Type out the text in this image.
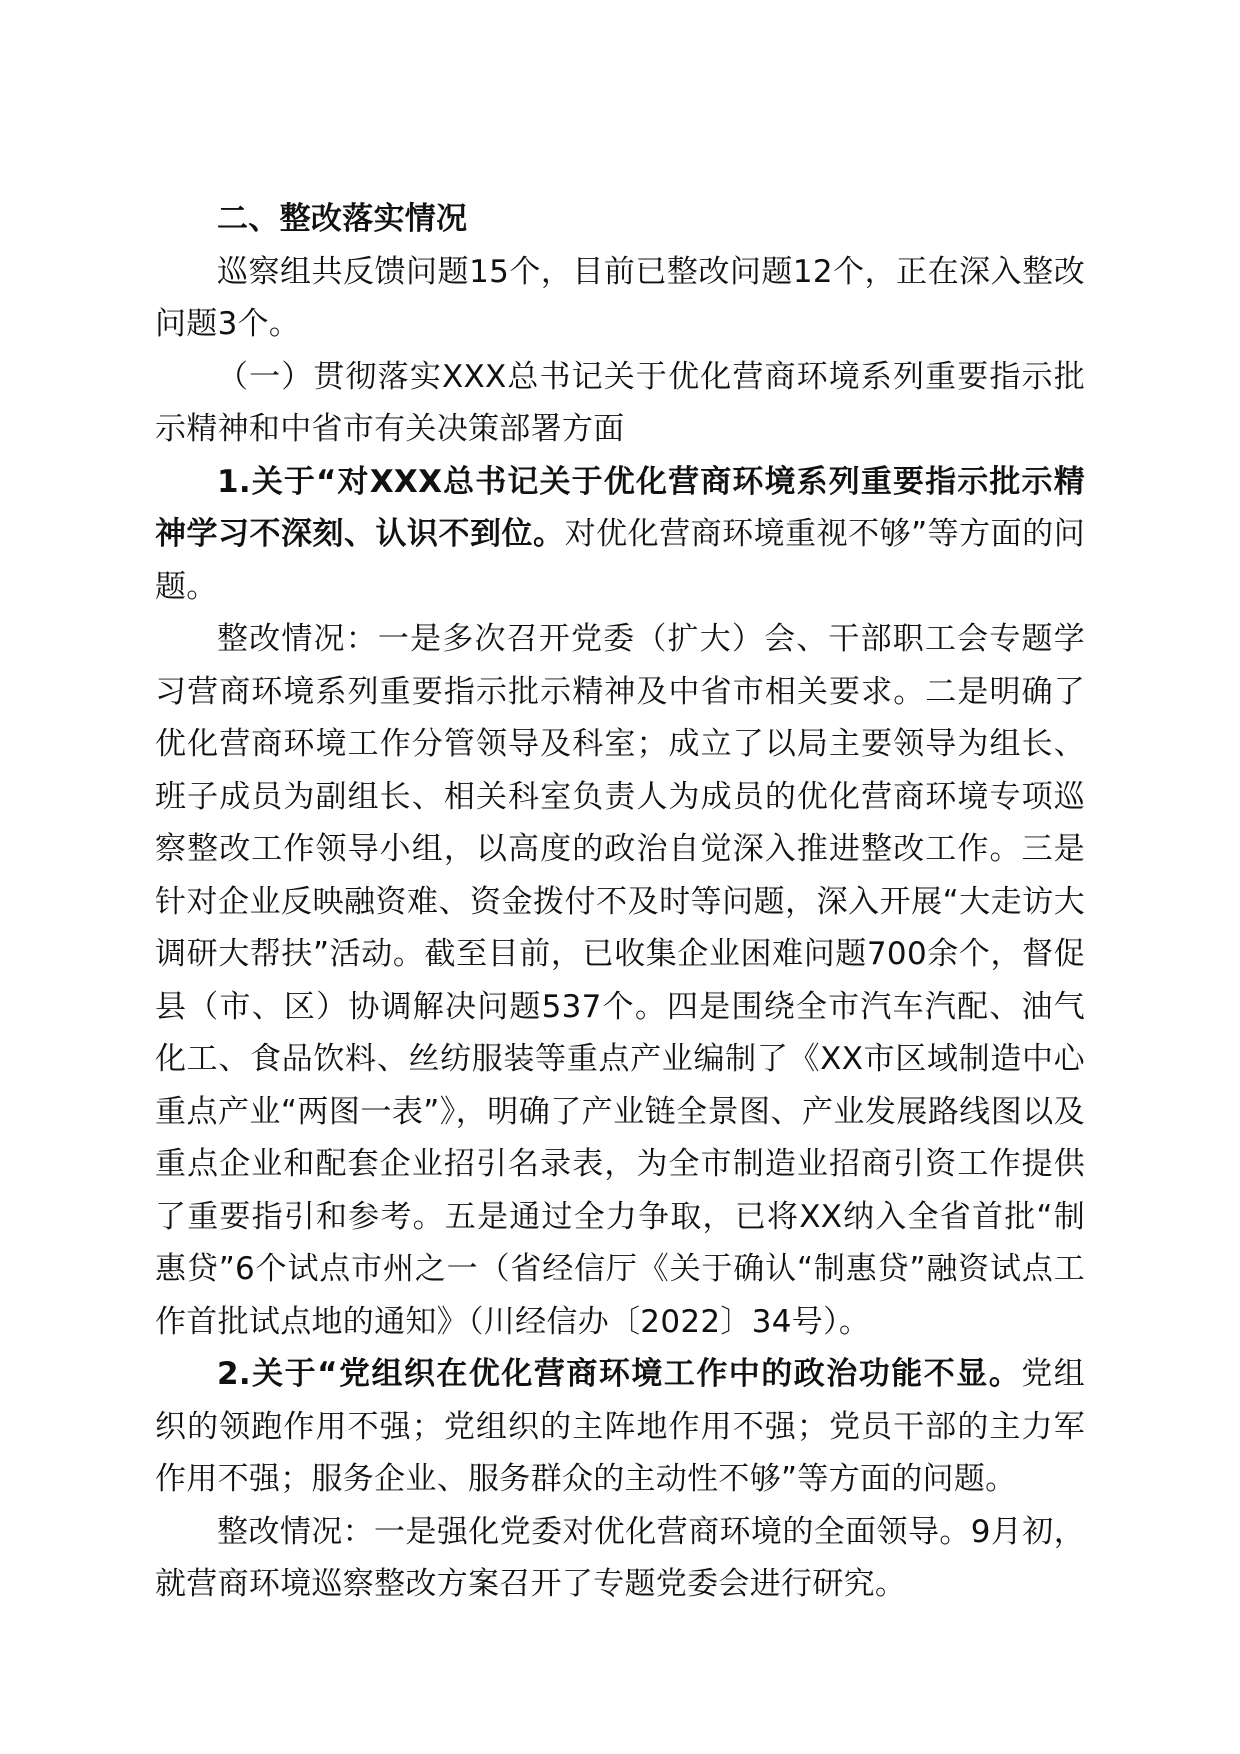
二、整改落实情况

巡察组共反馈问题15个，目前已整改问题12个，正在深入整改问题3个。

（一）贯彻落实XXX总书记关于优化营商环境系列重要指示批示精神和中省市有关决策部署方面

1.关于“对XXX总书记关于优化营商环境系列重要指示批示精神学习不深刻、认识不到位。对优化营商环境重视不够”等方面的问题。

整改情况：一是多次召开党委（扩大）会、干部职工会专题学习营商环境系列重要指示批示精神及中省市相关要求。二是明确了优化营商环境工作分管领导及科室；成立了以局主要领导为组长、班子成员为副组长、相关科室负责人为成员的优化营商环境专项巡察整改工作领导小组，以高度的政治自觉深入推进整改工作。三是针对企业反映融资难、资金拨付不及时等问题，深入开展“大走访大调研大帮扶”活动。截至目前，已收集企业困难问题700余个，督促县（市、区）协调解决问题537个。四是围绕全市汽车汽配、油气化工、食品饮料、丝纺服装等重点产业编制了《XX市区域制造中心重点产业“两图一表”》，明确了产业链全景图、产业发展路线图以及重点企业和配套企业招引名录表，为全市制造业招商引资工作提供了重要指引和参考。五是通过全力争取，已将XX纳入全省首批“制惠贷”6个试点市州之一（省经信厅《关于确认“制惠贷”融资试点工作首批试点地的通知》（川经信办〔2022〕34号）。

2.关于“党组织在优化营商环境工作中的政治功能不显。党组织的领跑作用不强；党组织的主阵地作用不强；党员干部的主力军作用不强；服务企业、服务群众的主动性不够”等方面的问题。

整改情况：一是强化党委对优化营商环境的全面领导。9月初，就营商环境巡察整改方案召开了专题党委会进行研究。
